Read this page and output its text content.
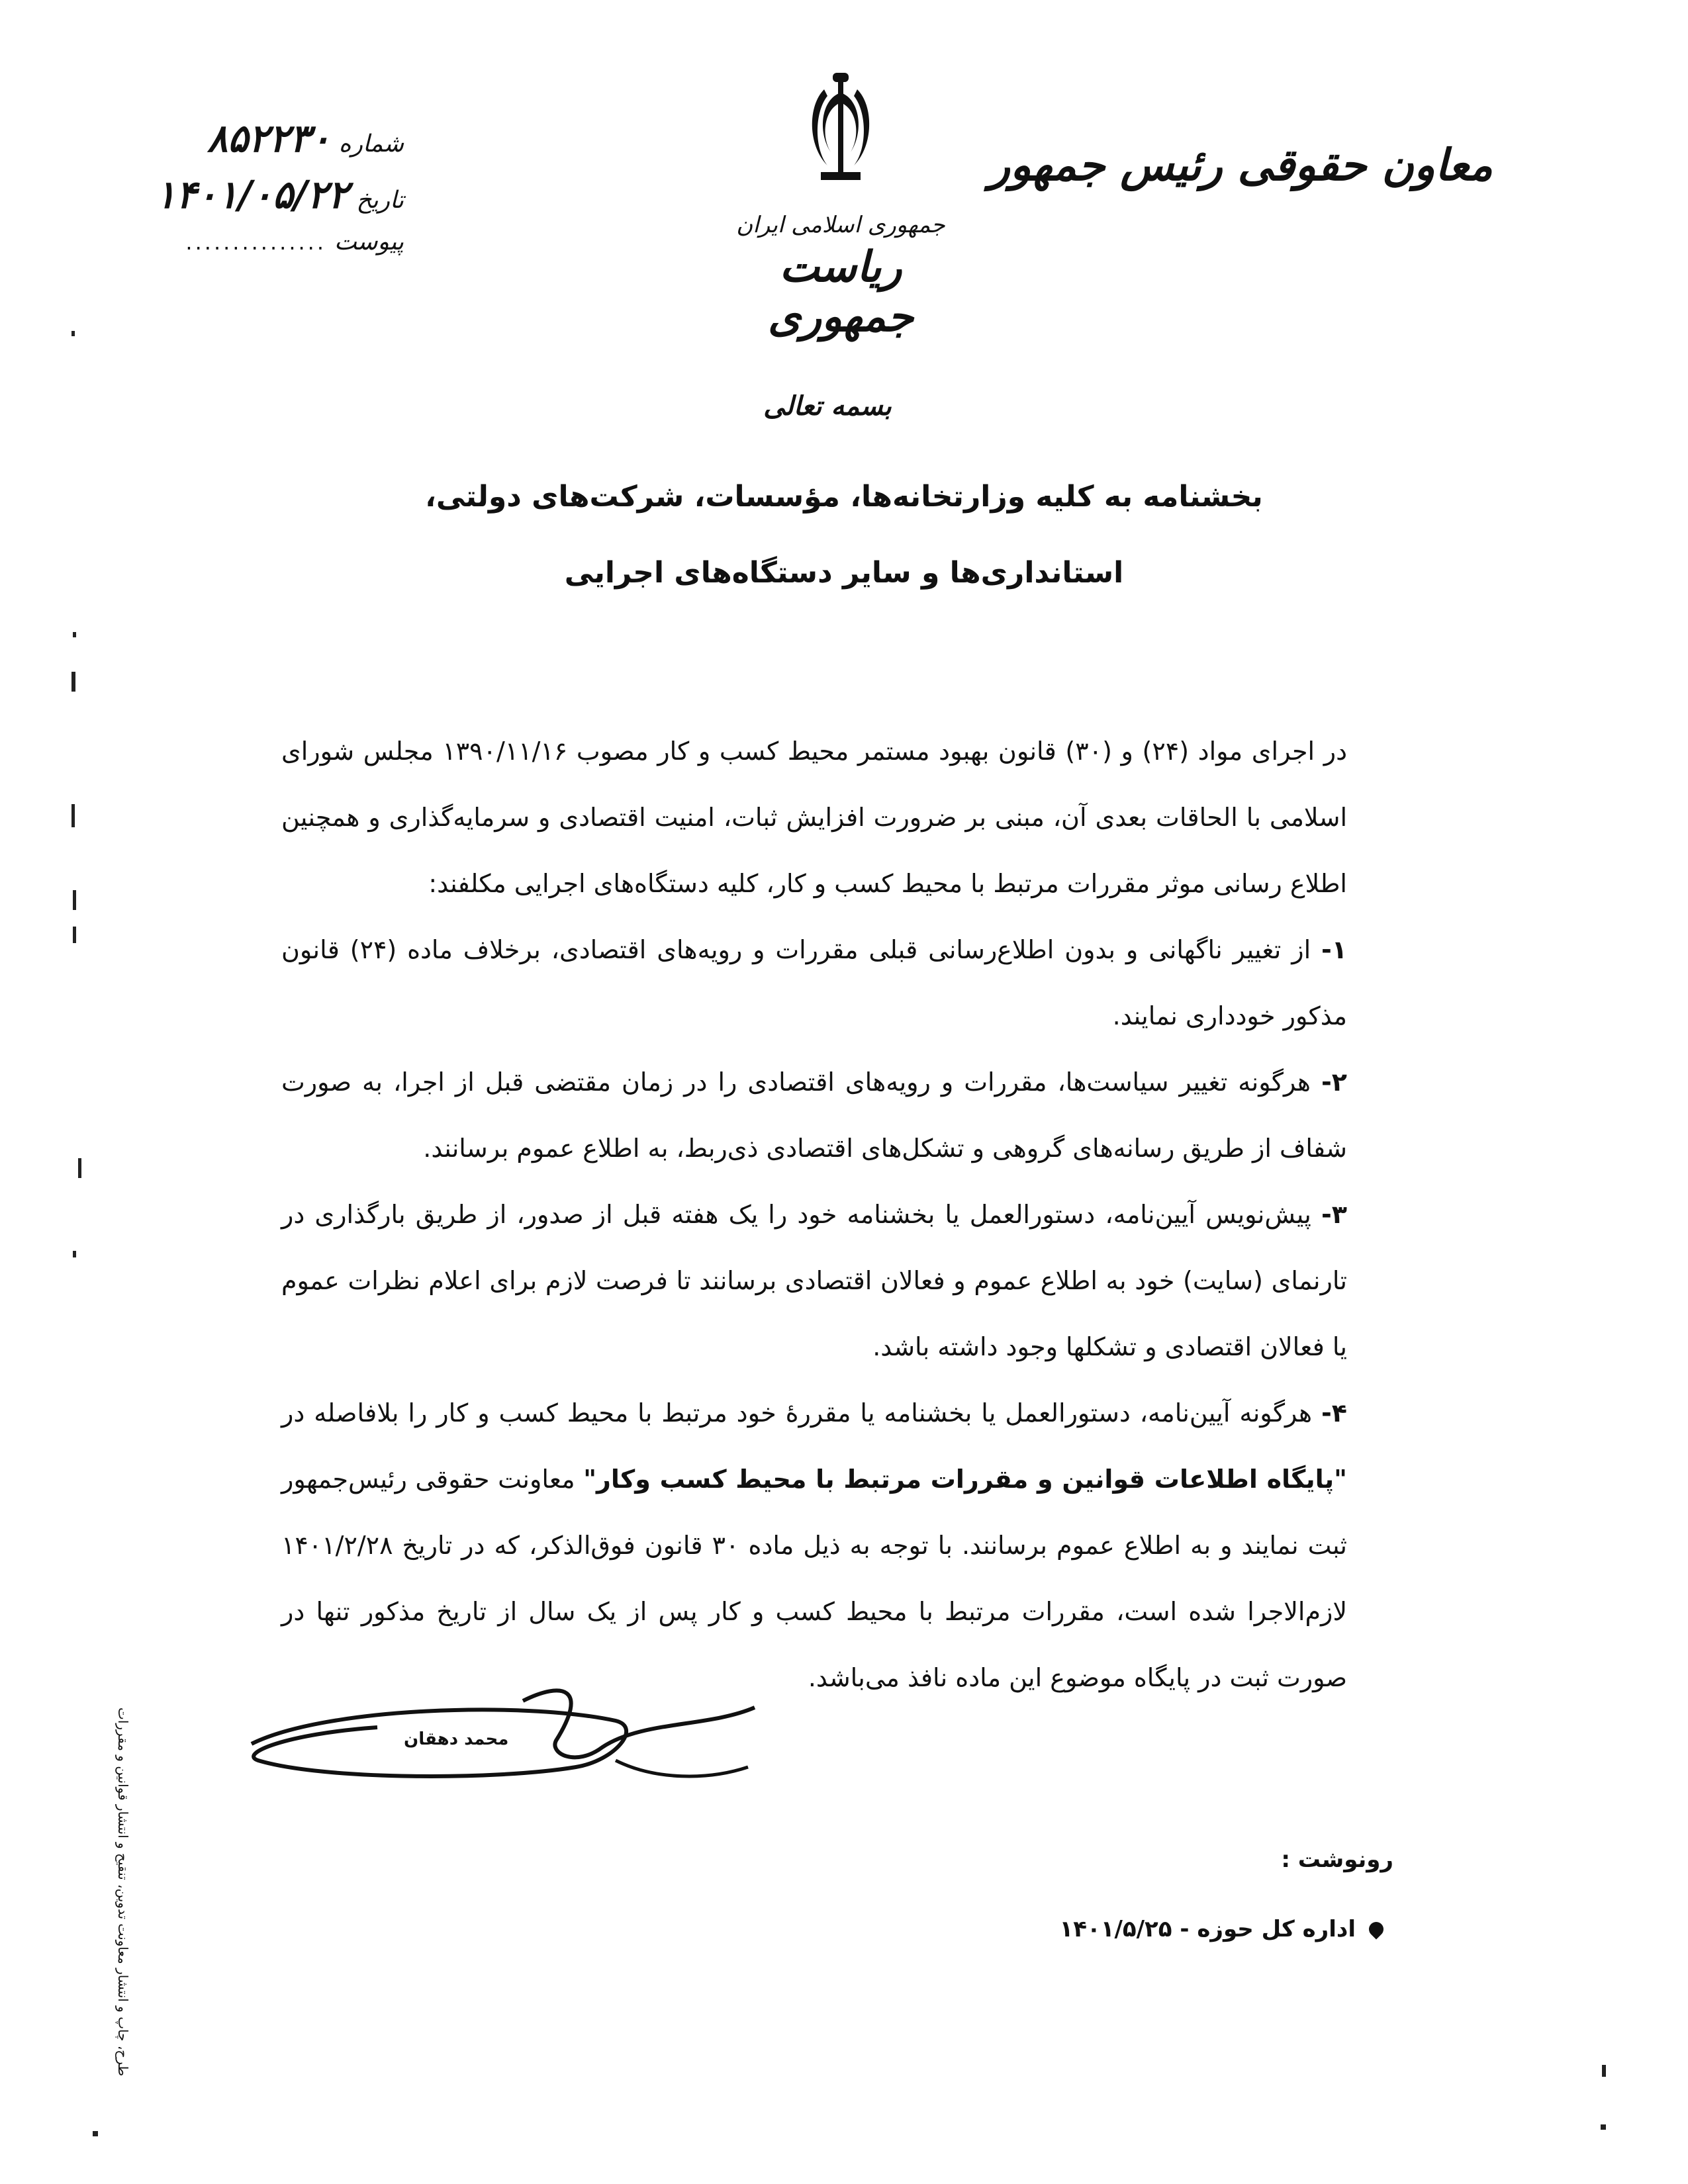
معاون حقوقی رئیس جمهور
جمهوری اسلامی ایران
ریاست جمهوری
شماره
۸۵۲۲۳۰
تاریخ
۱۴۰۱/۰۵/۲۲
پیوست
...............
بسمه تعالی
بخشنامه به کلیه وزارتخانه‌ها، مؤسسات، شرکت‌های دولتی،
استانداری‌ها و سایر دستگاه‌های اجرایی

در اجرای مواد (۲۴) و (۳۰) قانون بهبود مستمر محیط کسب و کار مصوب ۱۳۹۰/۱۱/۱۶ مجلس شورای اسلامی با الحاقات بعدی آن، مبنی بر ضرورت افزایش ثبات، امنیت اقتصادی و سرمایه‌گذاری و همچنین اطلاع رسانی موثر مقررات مرتبط با محیط کسب و کار، کلیه دستگاه‌های اجرایی مکلفند:

۱- از تغییر ناگهانی و بدون اطلاع‌رسانی قبلی مقررات و رویه‌های اقتصادی، برخلاف ماده (۲۴) قانون مذکور خودداری نمایند.

۲- هرگونه تغییر سیاست‌ها، مقررات و رویه‌های اقتصادی را در زمان مقتضی قبل از اجرا، به صورت شفاف از طریق رسانه‌های گروهی و تشکل‌های اقتصادی ذی‌ربط، به اطلاع عموم برسانند.

۳- پیش‌نویس آیین‌نامه، دستورالعمل یا بخشنامه خود را یک هفته قبل از صدور، از طریق بارگذاری در تارنمای (سایت) خود به اطلاع عموم و فعالان اقتصادی برسانند تا فرصت لازم برای اعلام نظرات عموم یا فعالان اقتصادی و تشکلها وجود داشته باشد.

۴- هرگونه آیین‌نامه، دستورالعمل یا بخشنامه یا مقررهٔ خود مرتبط با محیط کسب و کار را بلافاصله در "پایگاه اطلاعات قوانین و مقررات مرتبط با محیط کسب وکار" معاونت حقوقی رئیس‌جمهور ثبت نمایند و به اطلاع عموم برسانند. با توجه به ذیل ماده ۳۰ قانون فوق‌الذکر، که در تاریخ ۱۴۰۱/۲/۲۸ لازم‌الاجرا شده است، مقررات مرتبط با محیط کسب و کار پس از یک سال از تاریخ مذکور تنها در صورت ثبت در پایگاه موضوع این ماده نافذ می‌باشد.

محمد دهقان
رونوشت :
اداره کل حوزه - ۱۴۰۱/۵/۲۵
طرح، چاپ و انتشار معاونت تدوین، تنقیح و انتشار قوانین و مقررات
